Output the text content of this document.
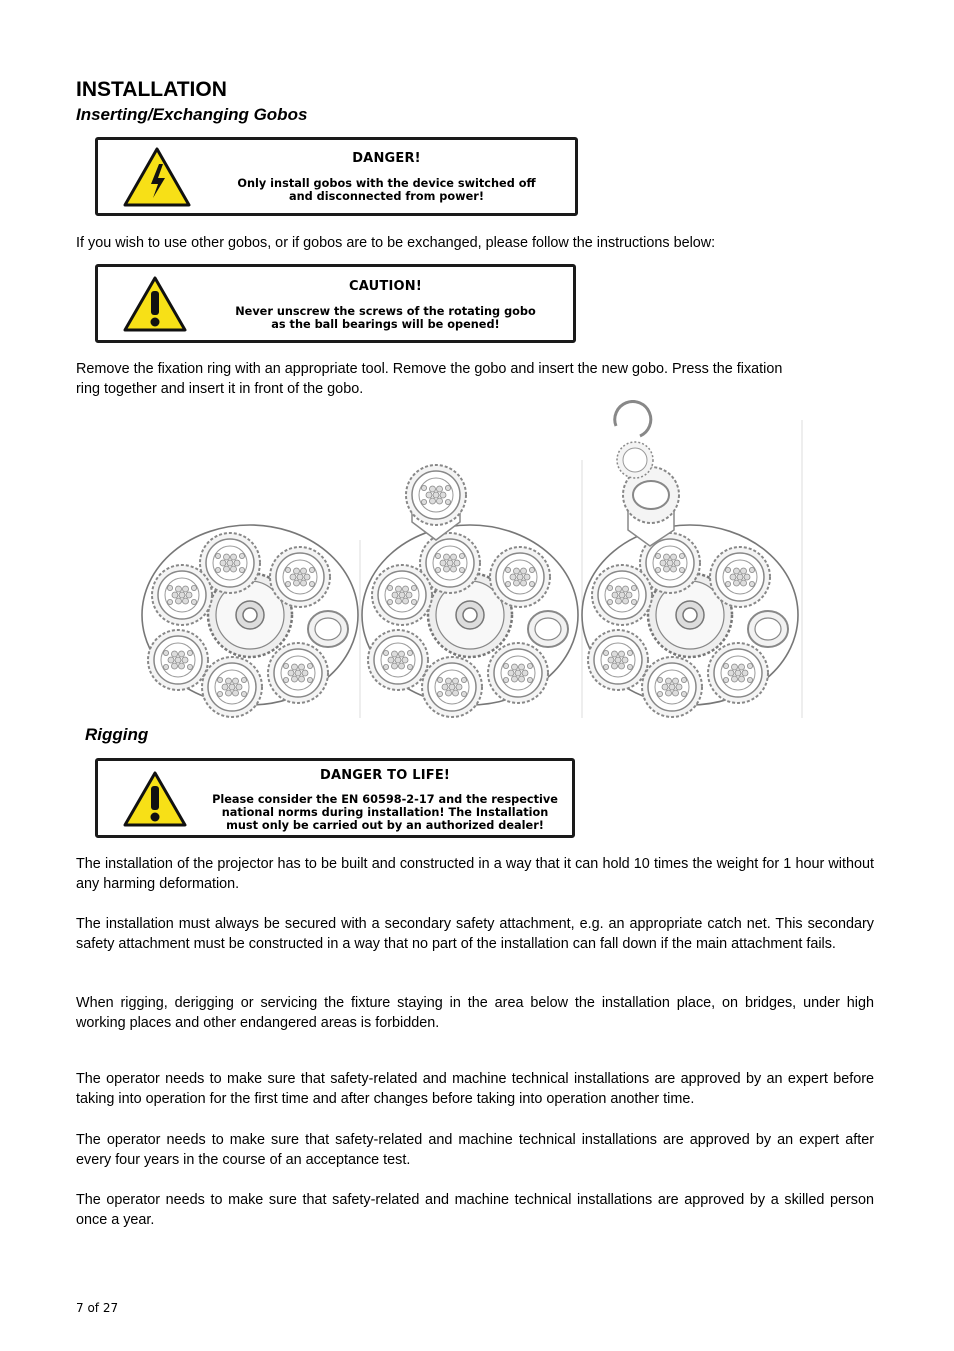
INSTALLATION

Inserting/Exchanging Gobos

DANGER!
Only install gobos with the device switched off
and disconnected from power!
If you wish to use other gobos, or if gobos are to be exchanged, please follow the instructions below:
CAUTION!
Never unscrew the screws of the rotating gobo
as the ball bearings will be opened!
Remove the fixation ring with an appropriate tool. Remove the gobo and insert the new gobo. Press the fixation
ring together and insert it in front of the gobo.

Rigging

DANGER TO LIFE!
Please consider the EN 60598-2-17 and the respective
national norms during installation! The Installation
must only be carried out by an authorized dealer!
The installation of the projector has to be built and constructed in a way that it can hold 10 times the weight for 1 hour without any harming deformation.
The installation must always be secured with a secondary safety attachment, e.g. an appropriate catch net. This secondary safety attachment must be constructed in a way that no part of the installation can fall down if the main attachment fails.
When rigging, derigging or servicing the fixture staying in the area below the installation place, on bridges, under high working places and other endangered areas is forbidden.
The operator needs to make sure that safety-related and machine technical installations are approved by an expert before taking into operation for the first time and after changes before taking into operation another time.
The operator needs to make sure that safety-related and machine technical installations are approved by an expert after every four years in the course of an acceptance test.
The operator needs to make sure that safety-related and machine technical installations are approved by a skilled person once a year.
7 of 27
